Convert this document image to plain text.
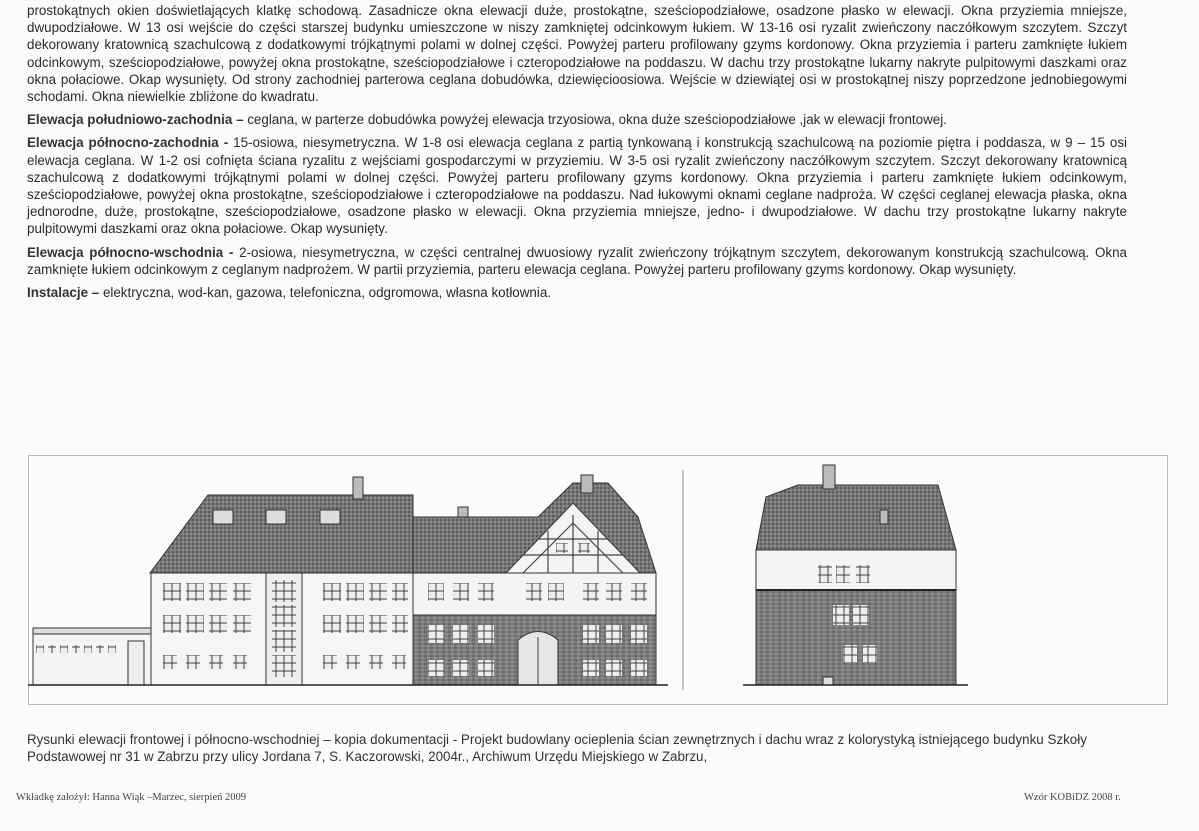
prostokątnych okien doświetlających klatkę schodową. Zasadnicze okna elewacji duże, prostokątne, sześciopodziałowe, osadzone płasko w elewacji. Okna przyziemia mniejsze, dwupodziałowe. W 13 osi wejście do części starszej budynku umieszczone w niszy zamkniętej odcinkowym łukiem. W 13-16 osi ryzalit zwieńczony naczółkowym szczytem. Szczyt dekorowany kratownicą szachulcową z dodatkowymi trójkątnymi polami w dolnej części. Powyżej parteru profilowany gzyms kordonowy. Okna przyziemia i parteru zamknięte łukiem odcinkowym, sześciopodziałowe, powyżej okna prostokątne, sześciopodziałowe i czteropodziałowe na poddaszu. W dachu trzy prostokątne lukarny nakryte pulpitowymi daszkami oraz okna połaciowe. Okap wysunięty. Od strony zachodniej parterowa ceglana dobudówka, dziewięcioosiowa. Wejście w dziewiątej osi w prostokątnej niszy poprzedzone jednobiegowymi schodami. Okna niewielkie zbliżone do kwadratu.

Elewacja południowo-zachodnia – ceglana, w parterze dobudówka powyżej elewacja trzyosiowa, okna duże sześciopodziałowe ,jak w elewacji frontowej.

Elewacja północno-zachodnia - 15-osiowa, niesymetryczna. W 1-8 osi elewacja ceglana z partią tynkowaną i konstrukcją szachulcową na poziomie piętra i poddasza, w 9 – 15 osi elewacja ceglana. W 1-2 osi cofnięta ściana ryzalitu z wejściami gospodarczymi w przyziemiu. W 3-5 osi ryzalit zwieńczony naczółkowym szczytem. Szczyt dekorowany kratownicą szachulcową z dodatkowymi trójkątnymi polami w dolnej części. Powyżej parteru profilowany gzyms kordonowy. Okna przyziemia i parteru zamknięte łukiem odcinkowym, sześciopodziałowe, powyżej okna prostokątne, sześciopodziałowe i czteropodziałowe na poddaszu. Nad łukowymi oknami ceglane nadproża. W części ceglanej elewacja płaska, okna jednorodne, duże, prostokątne, sześciopodziałowe, osadzone płasko w elewacji. Okna przyziemia mniejsze, jedno- i dwupodziałowe. W dachu trzy prostokątne lukarny nakryte pulpitowymi daszkami oraz okna połaciowe. Okap wysunięty.

Elewacja północno-wschodnia - 2-osiowa, niesymetryczna, w części centralnej dwuosiowy ryzalit zwieńczony trójkątnym szczytem, dekorowanym konstrukcją szachulcową. Okna zamknięte łukiem odcinkowym z ceglanym nadprożem. W partii przyziemia, parteru elewacja ceglana. Powyżej parteru profilowany gzyms kordonowy. Okap wysunięty.

Instalacje – elektryczna, wod-kan, gazowa, telefoniczna, odgromowa, własna kotłownia.

Rysunki elewacji frontowej i północno-wschodniej – kopia dokumentacji - Projekt budowlany ocieplenia ścian zewnętrznych i dachu wraz z kolorystyką istniejącego budynku Szkoły Podstawowej nr 31 w Zabrzu przy ulicy Jordana 7, S. Kaczorowski, 2004r., Archiwum Urzędu Miejskiego w Zabrzu,
Wkładkę założył: Hanna Wiąk –Marzec, sierpień 2009	Wzór KOBiDZ 2008 r.
